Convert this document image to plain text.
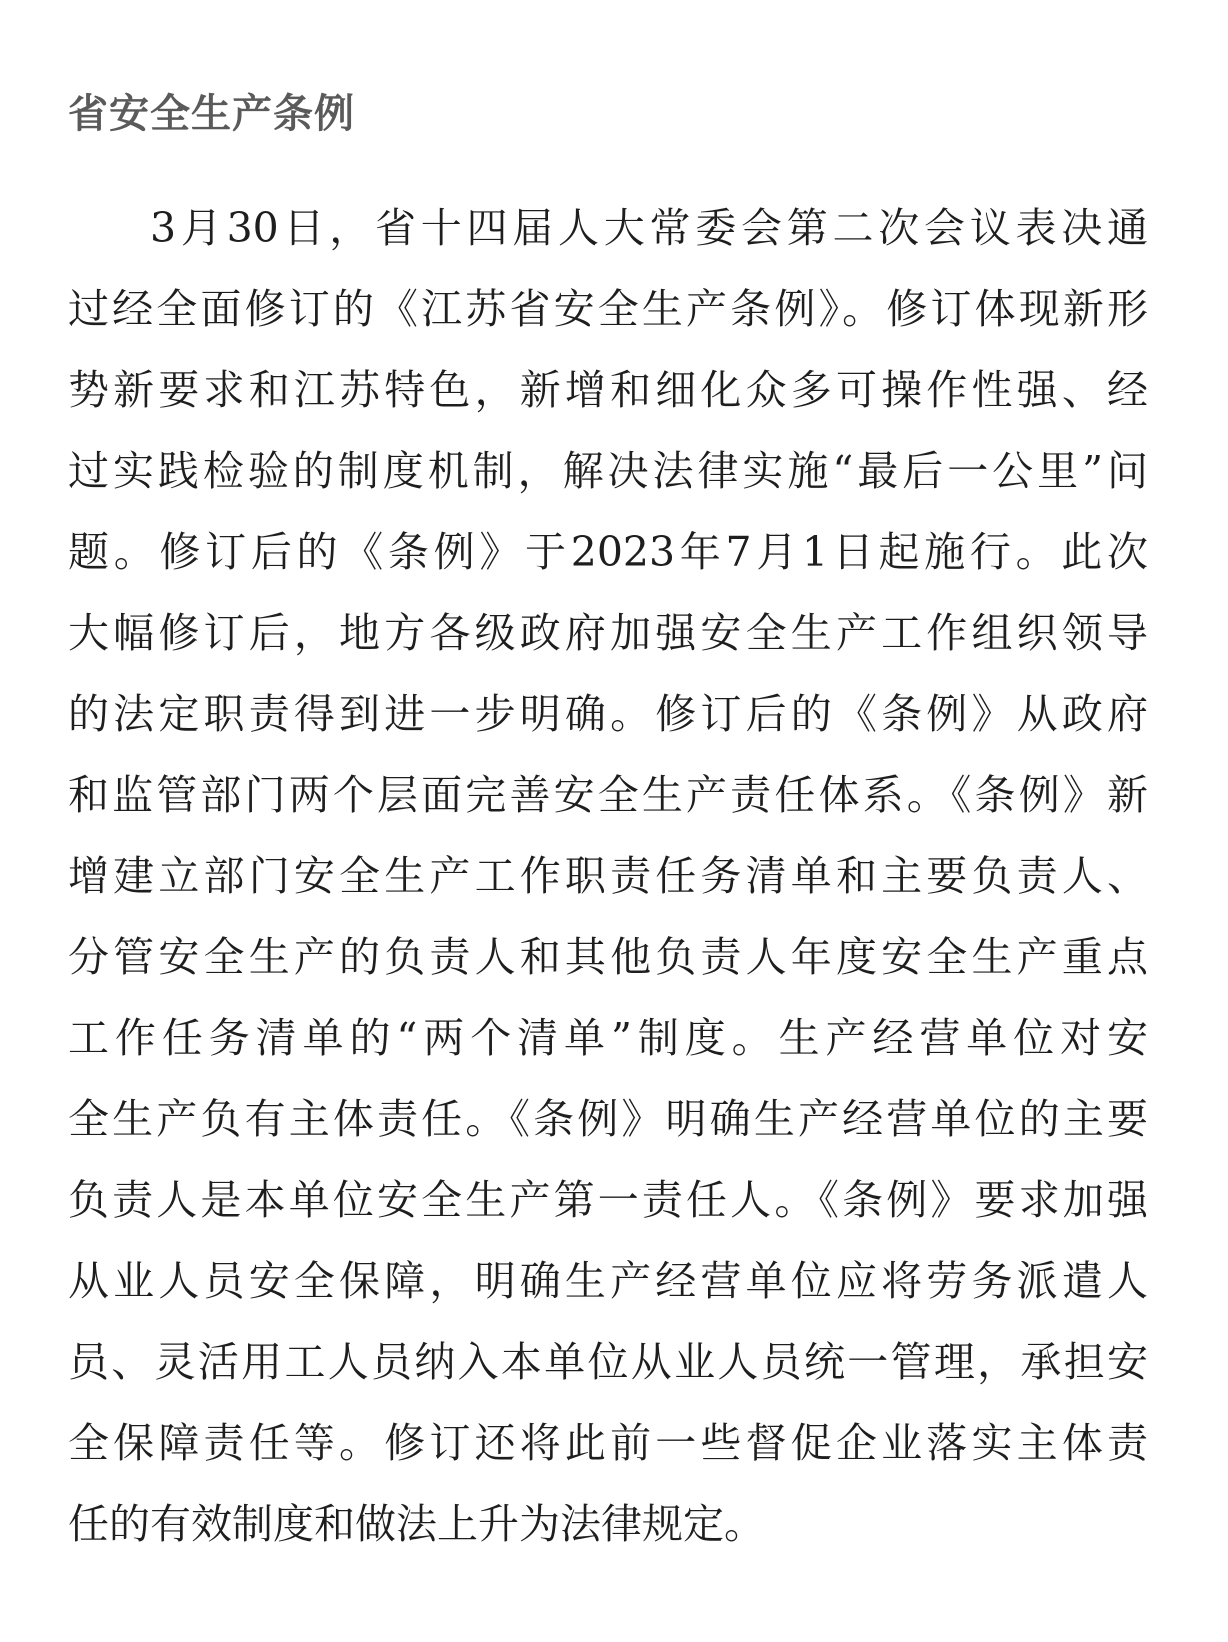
省安全生产条例
3月30日，省十四届人大常委会第二次会议表决通
过经全面修订的《江苏省安全生产条例》。修订体现新形
势新要求和江苏特色，新增和细化众多可操作性强、经
过实践检验的制度机制，解决法律实施“最后一公里”问
题。修订后的《条例》于2023年7月1日起施行。此次
大幅修订后，地方各级政府加强安全生产工作组织领导
的法定职责得到进一步明确。修订后的《条例》从政府
和监管部门两个层面完善安全生产责任体系。《条例》新
增建立部门安全生产工作职责任务清单和主要负责人、
分管安全生产的负责人和其他负责人年度安全生产重点
工作任务清单的“两个清单”制度。生产经营单位对安
全生产负有主体责任。《条例》明确生产经营单位的主要
负责人是本单位安全生产第一责任人。《条例》要求加强
从业人员安全保障，明确生产经营单位应将劳务派遣人
员、灵活用工人员纳入本单位从业人员统一管理，承担安
全保障责任等。修订还将此前一些督促企业落实主体责
任的有效制度和做法上升为法律规定。
